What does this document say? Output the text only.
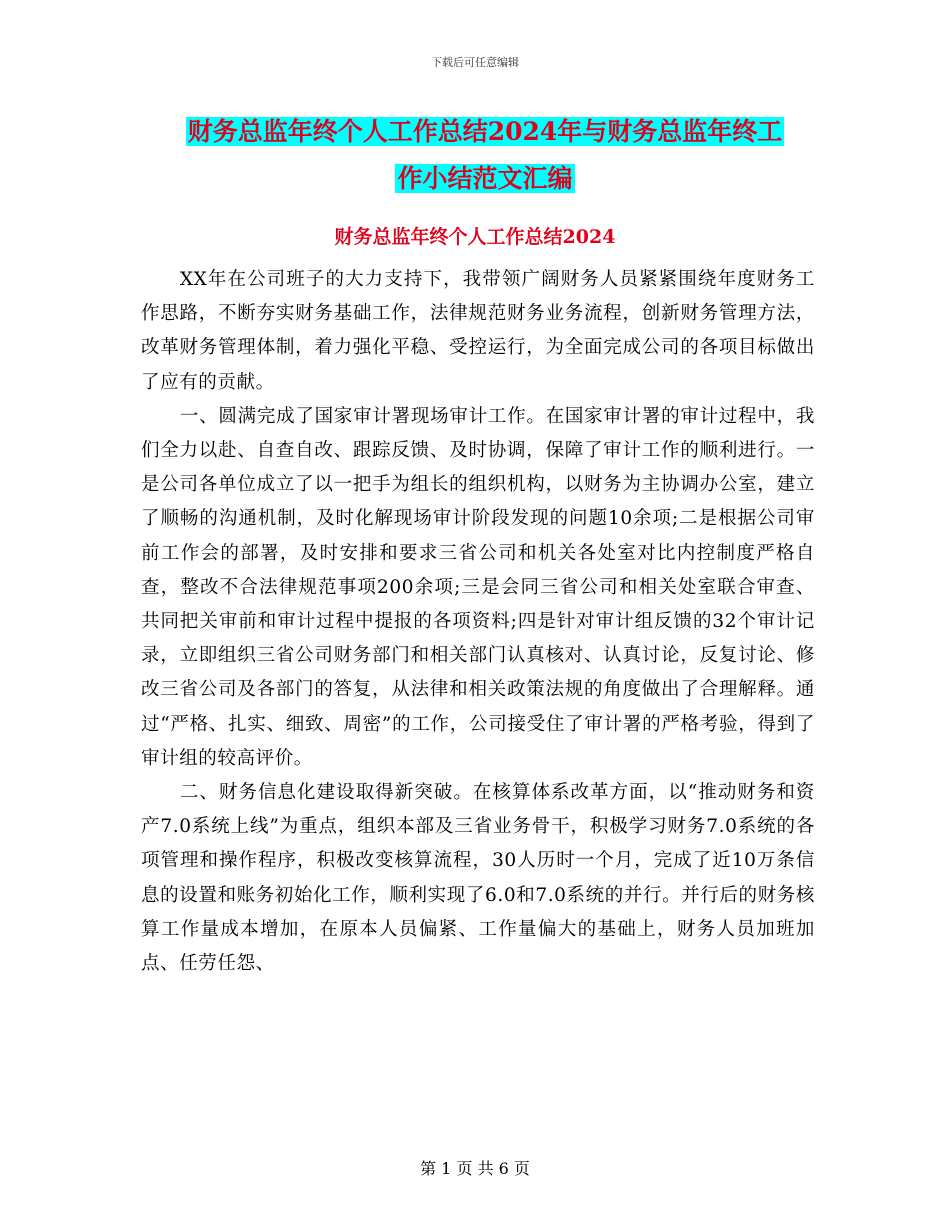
下载后可任意编辑
财务总监年终个人工作总结2024年与财务总监年终工
作小结范文汇编
财务总监年终个人工作总结2024

XX年在公司班子的大力支持下，我带领广阔财务人员紧紧围绕年度财务工作思路，不断夯实财务基础工作，法律规范财务业务流程，创新财务管理方法，改革财务管理体制，着力强化平稳、受控运行，为全面完成公司的各项目标做出了应有的贡献。

一、圆满完成了国家审计署现场审计工作。在国家审计署的审计过程中，我们全力以赴、自查自改、跟踪反馈、及时协调，保障了审计工作的顺利进行。一是公司各单位成立了以一把手为组长的组织机构，以财务为主协调办公室，建立了顺畅的沟通机制，及时化解现场审计阶段发现的问题10余项;二是根据公司审前工作会的部署，及时安排和要求三省公司和机关各处室对比内控制度严格自查，整改不合法律规范事项200余项;三是会同三省公司和相关处室联合审查、共同把关审前和审计过程中提报的各项资料;四是针对审计组反馈的32个审计记录，立即组织三省公司财务部门和相关部门认真核对、认真讨论，反复讨论、修改三省公司及各部门的答复，从法律和相关政策法规的角度做出了合理解释。通过“严格、扎实、细致、周密”的工作，公司接受住了审计署的严格考验，得到了审计组的较高评价。

二、财务信息化建设取得新突破。在核算体系改革方面，以“推动财务和资产7.0系统上线”为重点，组织本部及三省业务骨干，积极学习财务7.0系统的各项管理和操作程序，积极改变核算流程，30人历时一个月，完成了近10万条信息的设置和账务初始化工作，顺利实现了6.0和7.0系统的并行。并行后的财务核算工作量成本增加，在原本人员偏紧、工作量偏大的基础上，财务人员加班加点、任劳任怨、

第 1 页 共 6 页
